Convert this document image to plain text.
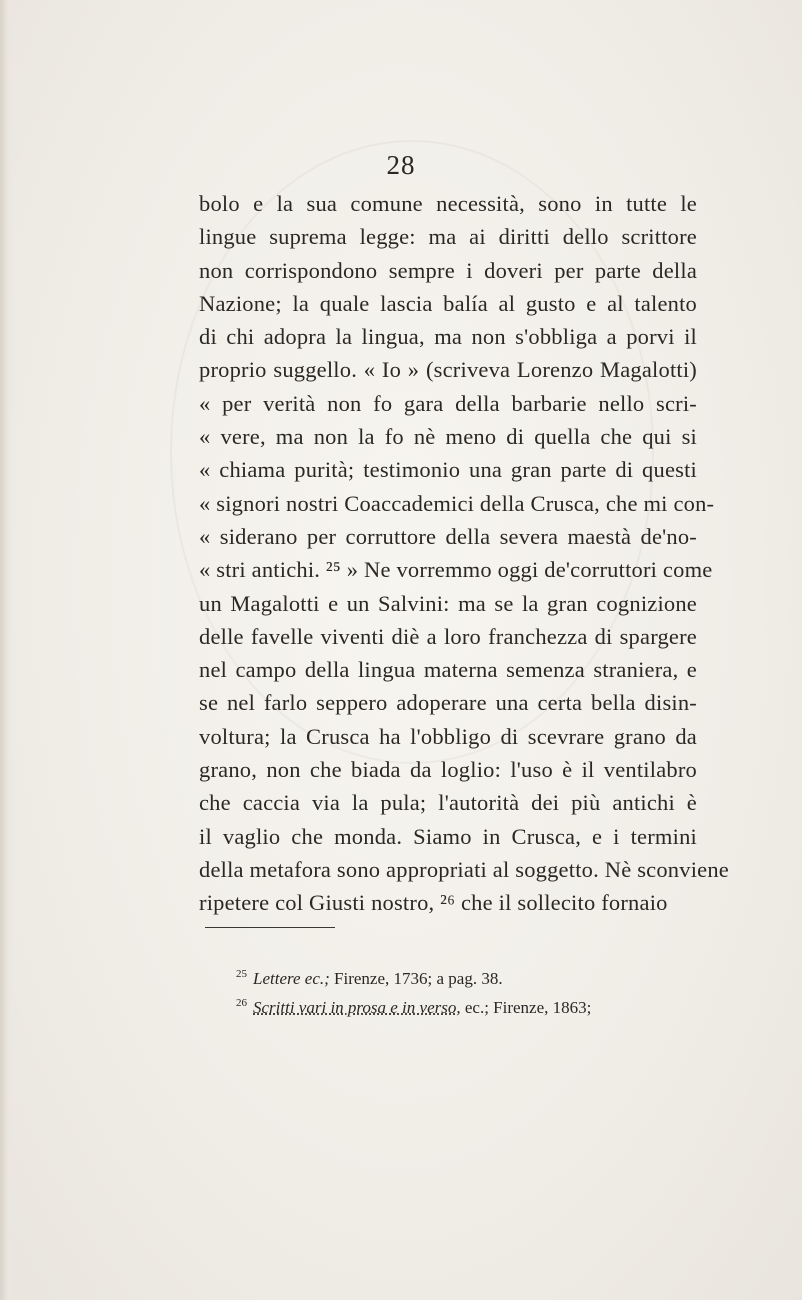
28
bolo e la sua comune necessità, sono in tutte le
lingue suprema legge: ma ai diritti dello scrittore
non corrispondono sempre i doveri per parte della
Nazione; la quale lascia balía al gusto e al talento
di chi adopra la lingua, ma non s'obbliga a porvi il
proprio suggello. « Io » (scriveva Lorenzo Magalotti)
« per verità non fo gara della barbarie nello scri-
« vere, ma non la fo nè meno di quella che qui si
« chiama purità; testimonio una gran parte di questi
« signori nostri Coaccademici della Crusca, che mi con-
« siderano per corruttore della severa maestà de'no-
« stri antichi. ²⁵ » Ne vorremmo oggi de'corruttori come
un Magalotti e un Salvini: ma se la gran cognizione
delle favelle viventi diè a loro franchezza di spargere
nel campo della lingua materna semenza straniera, e
se nel farlo seppero adoperare una certa bella disin-
voltura; la Crusca ha l'obbligo di scevrare grano da
grano, non che biada da loglio: l'uso è il ventilabro
che caccia via la pula; l'autorità dei più antichi è
il vaglio che monda. Siamo in Crusca, e i termini
della metafora sono appropriati al soggetto. Nè sconviene
ripetere col Giusti nostro, ²⁶ che il sollecito fornaio
$^{25}$ Lettere ec.; Firenze, 1736; a pag. 38.
$^{26}$ Scritti vari in prosa e in verso, ec.; Firenze, 1863;
